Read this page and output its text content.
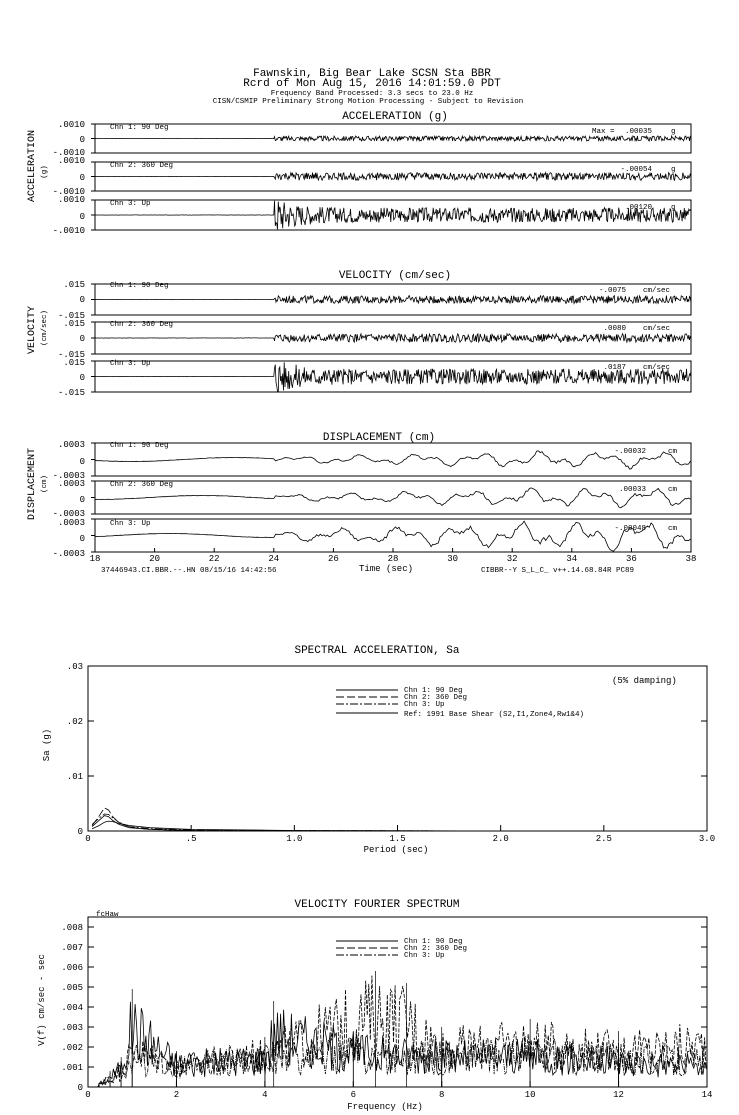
Fawnskin, Big Bear Lake SCSN Sta BBR
Rcrd of Mon Aug 15, 2016 14:01:59.0 PDT
Frequency Band Processed: 3.3 secs to 23.0 Hz
CISN/CSMIP Preliminary Strong Motion Processing - Subject to Revision
ACCELERATION (g)
ACCELERATION (g)
.0010
0
-.0010
.0010
0
-.0010
.0010
0
-.0010
Chn 1: 90 Deg
Chn 2: 360 Deg
Chn 3: Up
Max = .00035
-.00054
.00120
g
g
g
VELOCITY (cm/sec)
VELOCITY (cm/sec)
.015
0
-.015
.015
0
-.015
.015
0
-.015
Chn 1: 90 Deg
Chn 2: 360 Deg
Chn 3: Up
-.0075
.0080
.0187
cm/sec
cm/sec
cm/sec
DISPLACEMENT (cm)
DISPLACEMENT (cm)
.0003
0
-.0003
.0003
0
-.0003
.0003
0
-.0003
Chn 1: 90 Deg
Chn 2: 360 Deg
Chn 3: Up
-.00032
.00033
-.00048
cm
cm
cm
18	20	22	24	26	28	30	32	34	36	38
Time (sec)
37446943.CI.BBR.--.HN 08/15/16 14:42:56	CIBBR--Y S_L_C_ v++.14.68.84R PC89
SPECTRAL ACCELERATION, Sa
(5% damping)
Sa (g)
Period (sec)
.03
.02
.01
0
0	.5	1.0	1.5	2.0	2.5	3.0
Chn 1: 90 Deg
Chn 2: 360 Deg
Chn 3: Up
Ref: 1991 Base Shear (S2,I1,Zone4,Rw1&4)
VELOCITY FOURIER SPECTRUM
fcHaw
V(f) cm/sec - sec
Frequency (Hz)
.008
.007
.006
.005
.004
.003
.002
.001
0
0	2	4	6	8	10	12	14
Chn 1: 90 Deg
Chn 2: 360 Deg
Chn 3: Up
